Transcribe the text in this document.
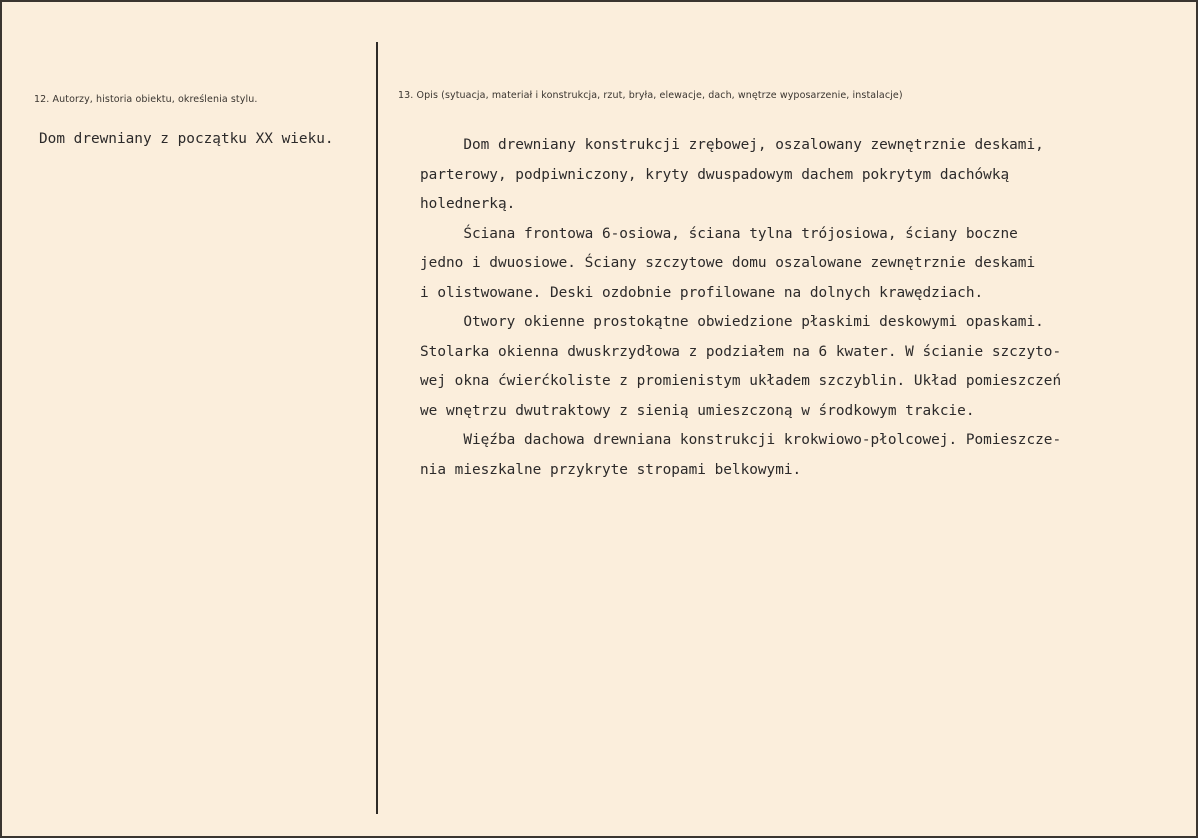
12. Autorzy, historia obiektu, określenia stylu.	13. Opis (sytuacja, materiał i konstrukcja, rzut, bryła, elewacje, dach, wnętrze wyposarzenie, instalacje)
Dom drewniany z początku XX wieku.	Dom drewniany konstrukcji zrębowej, oszalowany zewnętrznie deskami,
parterowy, podpiwniczony, kryty dwuspadowym dachem pokrytym dachówką
holednerką.
Ściana frontowa 6-osiowa, ściana tylna trójosiowa, ściany boczne
jedno i dwuosiowe. Ściany szczytowe domu oszalowane zewnętrznie deskami
i olistwowane. Deski ozdobnie profilowane na dolnych krawędziach.
Otwory okienne prostokątne obwiedzione płaskimi deskowymi opaskami.
Stolarka okienna dwuskrzydłowa z podziałem na 6 kwater. W ścianie szczyto-
wej okna ćwierćkoliste z promienistym układem szczyblin. Układ pomieszczeń
we wnętrzu dwutraktowy z sienią umieszczoną w środkowym trakcie.
Więźba dachowa drewniana konstrukcji krokwiowo-płolcowej. Pomieszcze-
nia mieszkalne przykryte stropami belkowymi.
